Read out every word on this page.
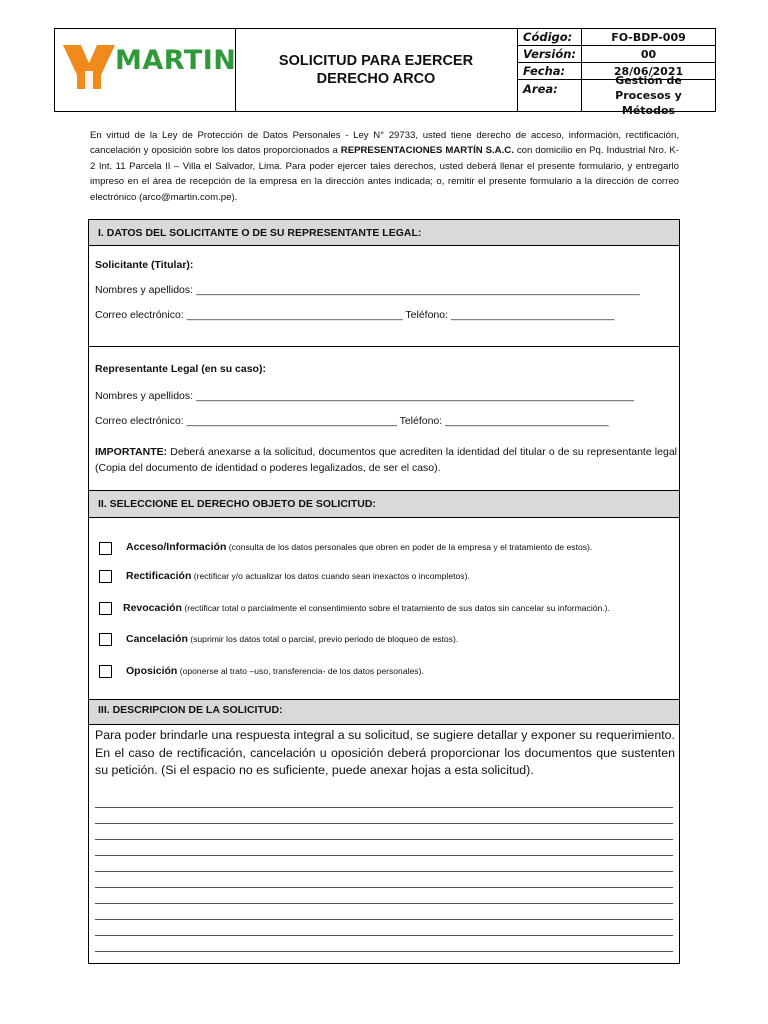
MARTIN	SOLICITUD PARA EJERCER
DERECHO ARCO
Código:	FO-BDP-009
Versión:	00
Fecha:	28/06/2021
Area:
Gestión de Procesos y Métodos
En virtud de la Ley de Protección de Datos Personales - Ley N° 29733, usted tiene derecho de acceso, información, rectificación, cancelación y oposición sobre los datos proporcionados a REPRESENTACIONES MARTÍN S.A.C. con domicilio en Pq. Industrial Nro. K-2 Int. 11 Parcela II – Villa el Salvador, Lima. Para poder ejercer tales derechos, usted deberá llenar el presente formulario, y entregarlo impreso en el área de recepción de la empresa en la dirección antes indicada; o, remitir el presente formulario a la dirección de correo electrónico (arco@martin.com.pe).
I. DATOS DEL SOLICITANTE O DE SU REPRESENTANTE LEGAL:
Solicitante (Titular):
Nombres y apellidos: ____________________________________________________________________________
Correo electrónico: _____________________________________ Teléfono: ____________________________
Representante Legal (en su caso):
Nombres y apellidos: ___________________________________________________________________________
Correo electrónico: ____________________________________ Teléfono: ____________________________
IMPORTANTE: Deberá anexarse a la solicitud, documentos que acrediten la identidad del titular o de su representante legal (Copia del documento de identidad o poderes legalizados, de ser el caso).
II. SELECCIONE EL DERECHO OBJETO DE SOLICITUD:
Acceso/Información (consulta de los datos personales que obren en poder de la empresa y el tratamiento de estos).
Rectificación (rectificar y/o actualizar los datos cuando sean inexactos o incompletos).
Revocación (rectificar total o parcialmente el consentimiento sobre el tratamiento de sus datos sin cancelar su información.).
Cancelación (suprimir los datos total o parcial, previo periodo de bloqueo de estos).
Oposición (oponerse al trato –uso, transferencia- de los datos personales).
III. DESCRIPCION DE LA SOLICITUD:
Para poder brindarle una respuesta integral a su solicitud, se sugiere detallar y exponer su requerimiento. En el caso de rectificación, cancelación u oposición deberá proporcionar los documentos que sustenten su petición. (Si el espacio no es suficiente, puede anexar hojas a esta solicitud).
